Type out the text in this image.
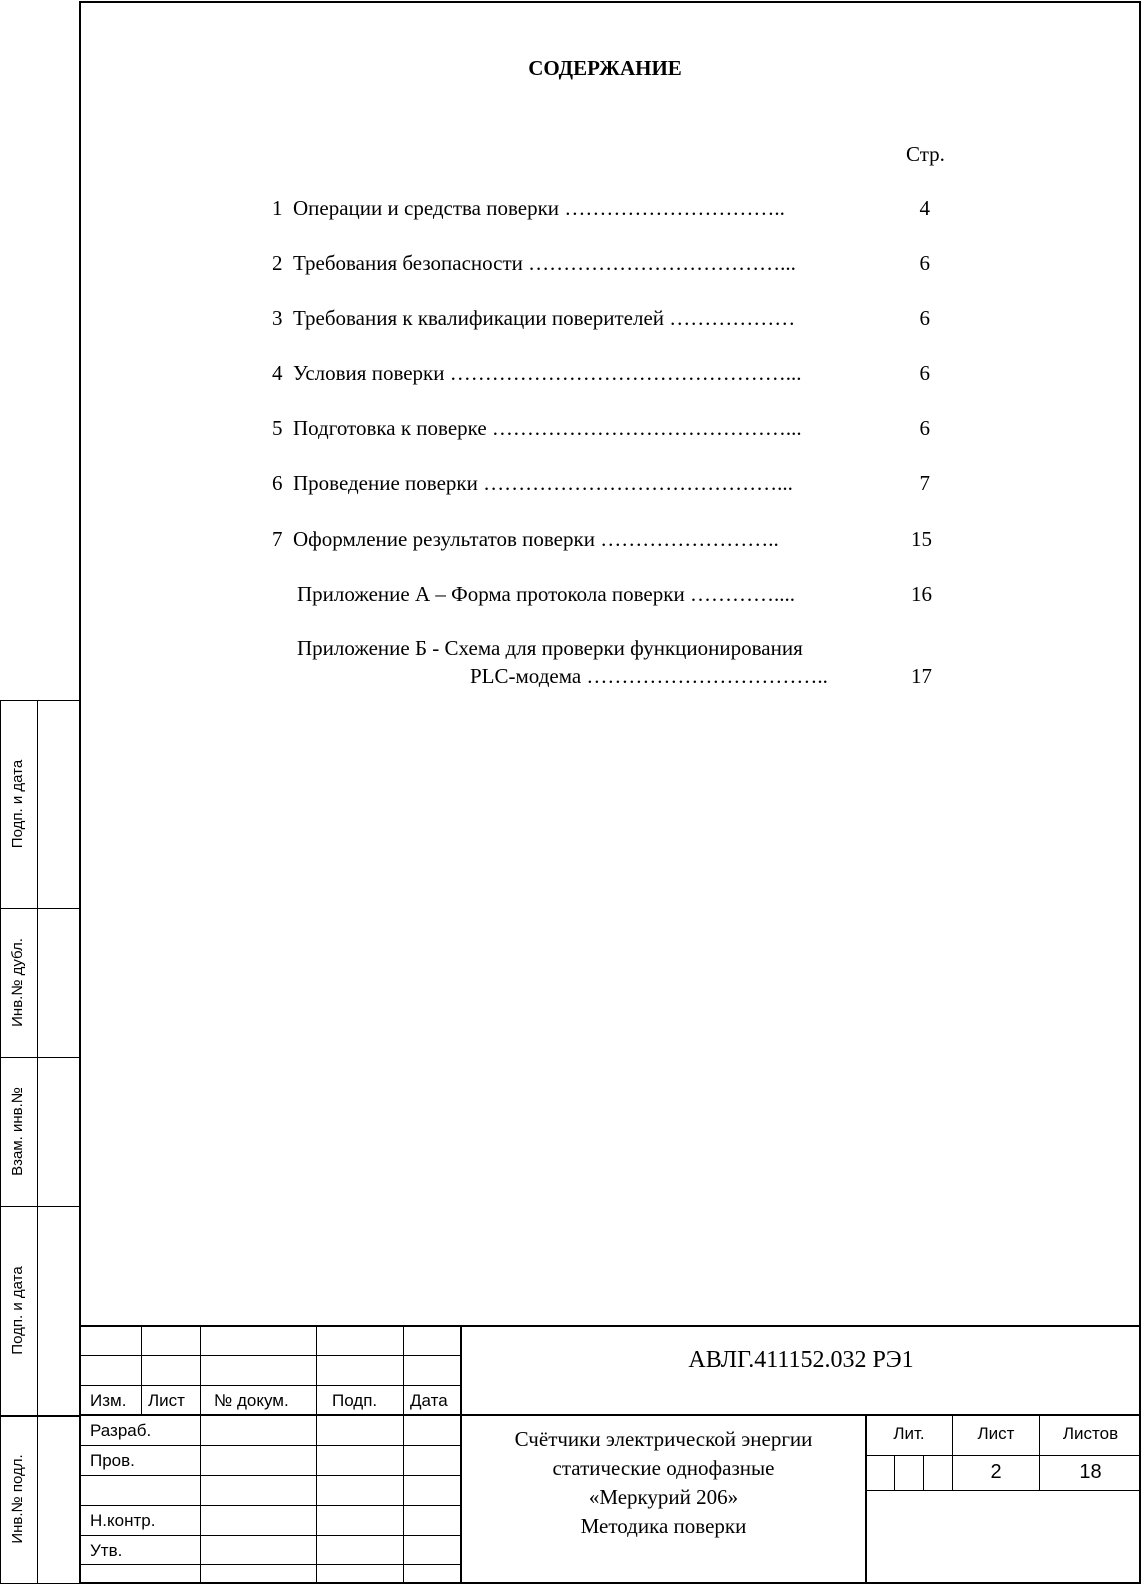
СОДЕРЖАНИЕ
Стр.
1 Операции и средства поверки …………………………..	4
2 Требования безопасности ………………………………...	6
3 Требования к квалификации поверителей ………………	6
4 Условия поверки …………………………………………...	6
5 Подготовка к поверке ……………………………………...	6
6 Проведение поверки ……………………………………...	7
7 Оформление результатов поверки ……………………..	15
Приложение А – Форма протокола поверки …………....	16
Приложение Б - Схема для проверки функционирования
PLC-модема ……………………………..	17
Подп. и дата
Инв.№ дубл.
Взам. инв.№
Подп. и дата
Инв.№ подл.
Изм. Лист № докум.	Подп. Дата
Разраб.
Пров.
Н.контр.
Утв.
АВЛГ.411152.032 РЭ1
Счётчики электрической энергии
статические однофазные
«Меркурий 206»
Методика поверки
Лит.	Лист	Листов
2	18
